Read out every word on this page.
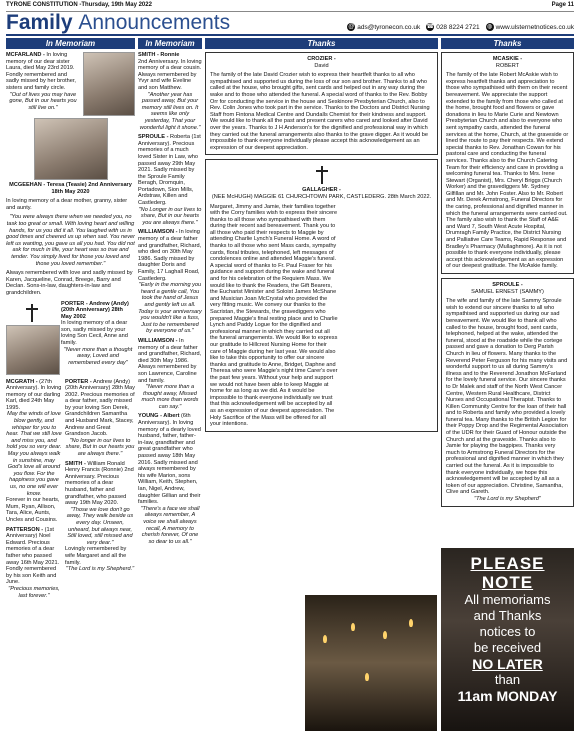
TYRONE CONSTITUTION -Thursday, 19th May 2022	Page 11
Family Announcements	@ ads@tyronecon.co.uk ☎ 028 8224 2721 ◍ www.ulsternetnotices.co.uk
In Memoriam
MCFARLAND - In loving memory of our dear sister Laura, died May 23rd 2019. Fondly remembered and sadly missed by her brother, sisters and family circle.
"Out of lives you may have gone, But in our hearts you still live on."
MCGEEHAN - Teresa (Teasie) 2nd Anniversary 18th May 2020
In loving memory of a dear mother, granny, sister and aunty.
"You were always there when we needed you, no task too great or small. With loving heart and willing hands, for us you did it all. You laughed with us in good times and cheered us up when sad. You never left us wanting, you gave us all you had. You did not ask for much in life, your heart was so true and tender. You simply lived for those you loved and those you loved remember."
Always remembered with love and sadly missed by Karen, Jacqueline, Conrad, Breege, Barry and Declan. Sons-in-law, daughters-in-law and grandchildren.
PORTER - Andrew (Andy) (20th Anniversary) 28th May 2002
In loving memory of a dear son, sadly missed by your loving Son Cecil, Anne and family.
"Never more than a thought away, Loved and remembered every day"
MCGRATH - (27th Anniversary). In loving memory of our darling Karl, died 24th May 1995.
May the winds of love blow gently, and whisper for you to hear. That we still love and miss you, and hold you so very dear. May you always walk in sunshine, may God's love all around you flow. For the happiness you gave us, no one will ever know.
Forever in our hearts, Mum, Ryan, Allison, Tara, Alice, Aunts, Uncles and Cousins.
PATTERSON - (1st Anniversary) Noel Edward. Precious memories of a dear father who passed away 16th May 2021. Fondly remembered by his son Keith and June.
"Precious memories, last forever."
PORTER - Andrew (Andy) (20th Anniversary) 28th May 2002. Precious memories of a dear father, sadly missed by your loving Son Derek, Grandchildren Samantha and Husband Mark, Stacey, Andrew and Great Grandson Jacob.
"No longer in our lives to share, But in our hearts you are always there."
SMITH - William Ronald Henry Francis (Ronnie) 2nd Anniversary. Precious memories of a dear husband, father and grandfather, who passed away 19th May 2020.
"Those we love don't go away, They walk beside us every day. Unseen, unheard, but always near, Still loved, still missed and very dear."
Lovingly remembered by wife Margaret and all the family.
"The Lord is my Shepherd."
In Memoriam
SMITH - Ronnie
2nd Anniversary. In loving memory of a dear cousin. Always remembered by Yvyr and wife Eveline and son Matthew.
"Another year has passed away, But your memory still lives on. It seems like only yesterday, That your wonderful light it shone."
SPROULE - Roberta (1st Anniversary). Precious memories of a much loved Sister in Law, who passed away 29th May 2021. Sadly missed by the Sproule Family Beragh, Dromquin, Portadown, Sion Mills, Ardstraw, Killen and Castlederg.
"No Longer in our lives to share, But in our hearts you are always there."
WILLIAMSON - In loving memory of a dear father and grandfather, Richard, who died on 30th May 1986. Sadly missed by daughter Doris and Family, 17 Laghall Road, Castlederg.
"Early in the morning you heard a gentle call, You took the hand of Jesus and gently left us all. Today is your anniversary you wouldn't like a fuss, Just to be remembered by everyone of us."
WILLIAMSON - In memory of a dear father and grandfather, Richard, died 30th May 1986. Always remembered by son Lawrence, Caroline and family.
"Never more than a thought away, Missed much more than words can say."
YOUNG - Albert (6th Anniversary). In loving memory of a dearly loved husband, father, father-in-law, grandfather and great grandfather who passed away 18th May 2016. Sadly missed and always remembered by his wife Marion, sons William, Keith, Stephen, Ian, Nigel, Andrew, daughter Gillian and their families.
"There's a face we shall always remember, A voice we shall always recall, A memory to cherish forever, Of one so dear to us all."
Thanks
CROZIER -
David
The family of the late David Crozier wish to express their heartfelt thanks to all who sympathised and supported us during the loss of our son and brother. Thanks to all who called at the house, who brought gifts, sent cards and helped out in any way during the wake and to those who attended the funeral. A special word of thanks to the Rev. Bobby Orr for conducting the service in the house and Seskinore Presbyterian Church, also to Rev. Colin Jones who took part in the service. Thanks to the Doctors and District Nursing Staff from Fintona Medical Centre and Dundalls Chemist for their kindness and support. We would like to thank all the past and present carers who cared and looked after David over the years. Thanks to J H Anderson's for the dignified and professional way in which they carried out the funeral arrangements also thanks to the grave digger. As it would be impossible to thank everyone individually please accept this acknowledgement as an expression of our deepest appreciation.
GALLAGHER -
(NEE McHUGH) MAGGIE 61 CHURCHTOWN PARK, CASTLEDERG. 28th March 2022.
Margaret, Jimmy and Jamie, their families together with the Corry families wish to express their sincere thanks to all those who sympathised with them during their recent sad bereavement. Thank you to all those who paid their respects to Maggie by attending Charlie Lynch's Funeral Home. A word of thanks to all those who sent Mass cards, sympathy cards, floral tributes, telephoned, left messages of condolences online and attended Maggie's funeral. A special word of thanks to Fr. Paul Fraser for his guidance and support during the wake and funeral and for his celebration of the Requiem Mass. We would like to thank the Readers, the Gift Bearers, the Eucharist Minister and Soloist James McShane and Musician Joan McCrystal who provided the very fitting music. We convey our thanks to the Sacristan, the Stewards, the gravediggers who prepared Maggie's final resting place and to Charlie Lynch and Paddy Logue for the dignified and professional manner in which they carried out all the funeral arrangements. We would like to express our gratitude to Hillcrest Nursing Home for their care of Maggie during her last year. We would also like to take this opportunity to offer our sincere thanks and gratitude to Anne, Bridget, Daphne and Theresa who were Maggie's night time Carer's over the past few years. Without your help and support we would not have been able to keep Maggie at home for as long as we did. As it would be impossible to thank everyone individually we trust that this acknowledgement will be accepted by all as an expression of our deepest appreciation. The Holy Sacrifice of the Mass will be offered for all your intentions.
Thanks
MCASKIE -
ROBERT
The family of the late Robert McAskie wish to express heartfelt thanks and appreciation to those who sympathised with them on their recent bereavement. We appreciate the support extended to the family from those who called at the home, brought food and flowers or gave donations in lieu to Marie Curie and Newtown Presbyterian Church and also to everyone who sent sympathy cards, attended the funeral services at the home, Church, at the graveside or lined the route to pay their respects. We extend special thanks to Rev. Jonathan Cowan for his pastoral care and conducting the funeral services. Thanks also to the Church Catering Team for their efficiency and care in providing a welcoming funeral tea. Thanks to Mrs. Irene Stewart (Organist), Mrs. Cheryl Briggs (Church Worker) and the gravediggers Mr. Sydney Gilfillan and Mr. John Foster. Also to Mr. Robert and Mr. Derek Armstrong, Funeral Directors for the caring, professional and dignified manner in which the funeral arrangements were carried out. The family also wish to thank the Staff of A&E and Ward 7, South West Acute Hospital, Drumragh Family Practice, the District Nursing and Palliative Care Teams, Rapid Response and Bradley's Pharmacy (Mullaghmore). As it is not possible to thank everyone individually, please accept this acknowledgement as an expression of our deepest gratitude. The McAskie family.
SPROULE -
SAMUEL ERNEST (SAMMY)
The wife and family of the late Sammy Sproule wish to extend our sincere thanks to all who sympathised and supported us during our sad bereavement. We would like to thank all who called to the house, brought food, sent cards, telephoned, helped at the wake, attended the funeral, stood at the roadside while the cortege passed and gave a donation to Derg Parish Church in lieu of flowers. Many thanks to the Reverend Peter Ferguson for his many visits and wonderful support to us all during Sammy's illness and to the Reverend Jonathon McFarland for the lovely funeral service. Our sincere thanks to Dr Malek and staff of the North West Cancer Centre, Western Rural Healthcare, District Nurses and Occupational Therapist. Thanks to Killen Community Centre for the loan of their hall and to Roberta and family who provided a lovely funeral tea. Many thanks to the British Legion for their Poppy Drop and the Regimental Association of the UDR for their Guard of Honour outside the Church and at the graveside. Thanks also to Jamie for playing the bagpipes. Thanks very much to Armstrong Funeral Directors for the professional and dignified manner in which they carried out the funeral. As it is impossible to thank everyone individually, we hope this acknowledgement will be accepted by all as a token of our appreciation. Christine, Samantha, Clive and Gareth.
"The Lord is my Shepherd"
PLEASE
NOTE
All memoriams
and Thanks
notices to
be received
NO LATER
than
11am MONDAY
